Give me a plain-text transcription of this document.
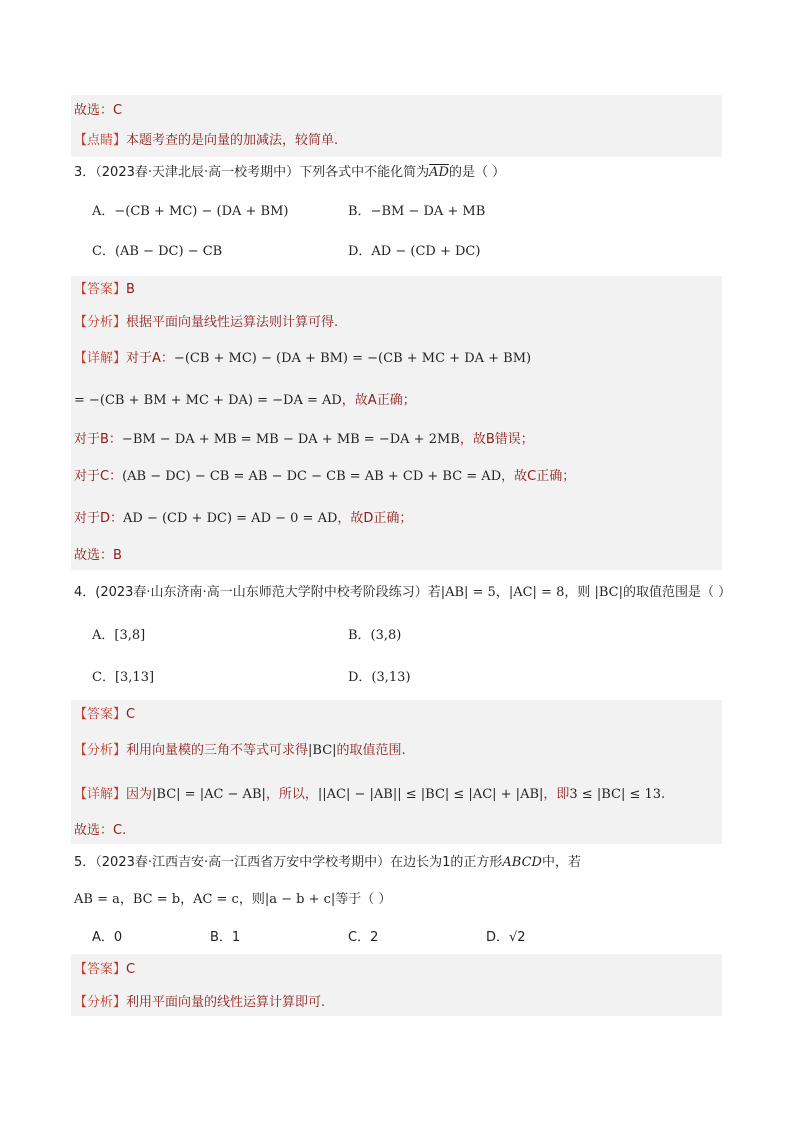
故选：C
【点睛】本题考查的是向量的加减法，较简单.
3．（2023春·天津北辰·高一校考期中）下列各式中不能化简为$\overline{AD}$的是（ ）
A．−(CB + MC) − (DA + BM)	B．−BM − DA + MB
C．(AB − DC) − CB	D．AD − (CD + DC)
【答案】B
【分析】根据平面向量线性运算法则计算可得.
【详解】对于A：−(CB + MC) − (DA + BM) = −(CB + MC + DA + BM)
= −(CB + BM + MC + DA) = −DA = AD，故A正确；
对于B：−BM − DA + MB = MB − DA + MB = −DA + 2MB，故B错误；
对于C：(AB − DC) − CB = AB − DC − CB = AB + CD + BC = AD，故C正确；
对于D：AD − (CD + DC) = AD − 0 = AD，故D正确；
故选：B
4．(2023春·山东济南·高一山东师范大学附中校考阶段练习）若|AB| = 5，|AC| = 8，则 |BC|的取值范围是（ ）
A．[3,8]	B．(3,8)
C．[3,13]	D．(3,13)
【答案】C
【分析】利用向量模的三角不等式可求得|BC|的取值范围.
【详解】因为|BC| = |AC − AB|，所以，||AC| − |AB|| ≤ |BC| ≤ |AC| + |AB|，即3 ≤ |BC| ≤ 13.
故选：C.
5．（2023春·江西吉安·高一江西省万安中学校考期中）在边长为1的正方形ABCD中，若
AB = a，BC = b，AC = c，则|a − b + c|等于（ ）
A．0	B．1	C．2	D．√2
【答案】C
【分析】利用平面向量的线性运算计算即可.
